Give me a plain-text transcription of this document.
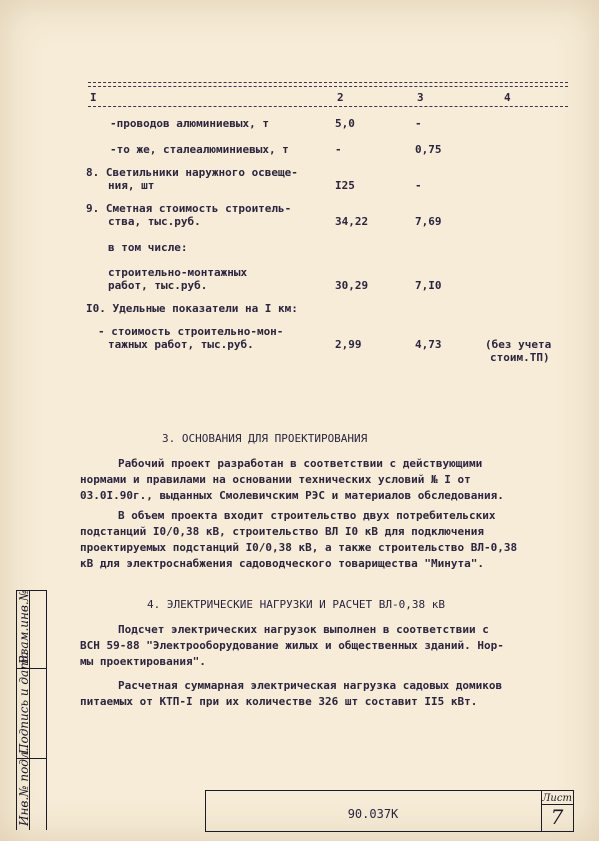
I	2	3	4
-проводов алюминиевых, т	5,0	-
-то же, сталеалюминиевых, т	-	0,75
8. Светильники наружного освеще-
ния, шт	I25	-
9. Сметная стоимость строитель-
ства, тыс.руб.	34,22	7,69
в том числе:
строительно-монтажных
работ, тыс.руб.	30,29	7,I0
I0. Удельные показатели на I км:
- стоимость строительно-мон-
тажных работ, тыс.руб.	2,99	4,73	(без учета
стоим.ТП)
3. ОСНОВАНИЯ ДЛЯ ПРОЕКТИРОВАНИЯ
Рабочий проект разработан в соответствии с действующими
нормами и правилами на основании технических условий № I от
03.0I.90г., выданных Смолевичским РЭС и материалов обследования.
В объем проекта входит строительство двух потребительских
подстанций I0/0,38 кВ, строительство ВЛ I0 кВ для подключения
проектируемых подстанций I0/0,38 кВ, а также строительство ВЛ-0,38
кВ для электроснабжения садоводческого товарищества "Минута".
4. ЭЛЕКТРИЧЕСКИЕ НАГРУЗКИ И РАСЧЕТ ВЛ-0,38 кВ
Подсчет электрических нагрузок выполнен в соответствии с
ВСН 59-88 "Электрооборудование жилых и общественных зданий. Нор-
мы проектирования".
Расчетная суммарная электрическая нагрузка садовых домиков
питаемых от КТП-I при их количестве 326 шт составит II5 кВт.
Взам.инв.№
Подпись и дата
Инв.№ подл.	90.037К
Лист
7
